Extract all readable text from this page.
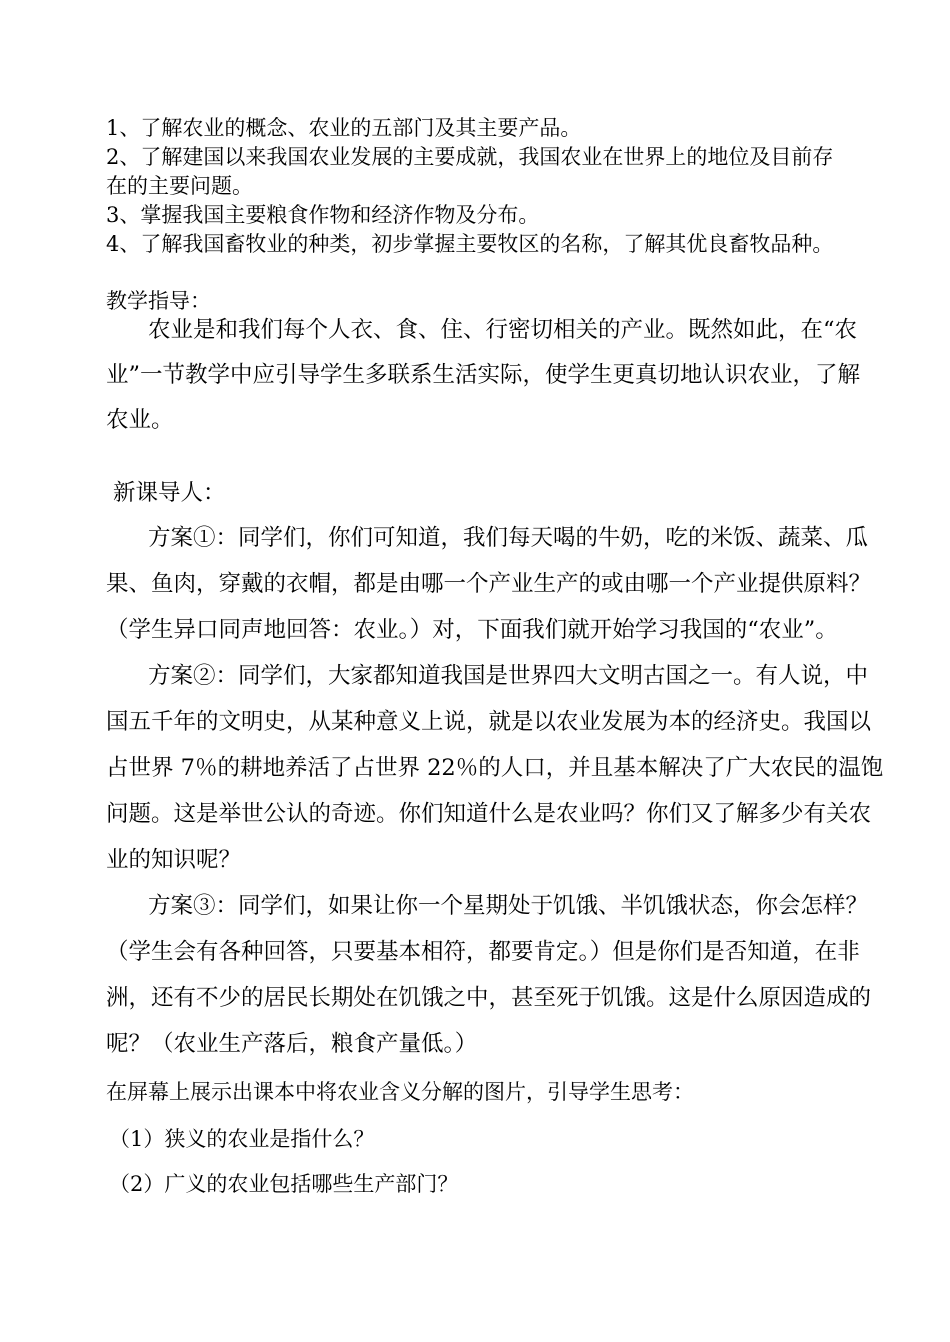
1、了解农业的概念、农业的五部门及其主要产品。
2、了解建国以来我国农业发展的主要成就，我国农业在世界上的地位及目前存
在的主要问题。
3、掌握我国主要粮食作物和经济作物及分布。
4、了解我国畜牧业的种类，初步掌握主要牧区的名称，了解其优良畜牧品种。
教学指导：
农业是和我们每个人衣、食、住、行密切相关的产业。既然如此，在“农
业”一节教学中应引导学生多联系生活实际，使学生更真切地认识农业，了解
农业。
新课导人：
方案①：同学们，你们可知道，我们每天喝的牛奶，吃的米饭、蔬菜、瓜
果、鱼肉，穿戴的衣帽，都是由哪一个产业生产的或由哪一个产业提供原料？
（学生异口同声地回答：农业。）对，下面我们就开始学习我国的“农业”。
方案②：同学们，大家都知道我国是世界四大文明古国之一。有人说，中
国五千年的文明史，从某种意义上说，就是以农业发展为本的经济史。我国以
占世界 7％的耕地养活了占世界 22％的人口，并且基本解决了广大农民的温饱
问题。这是举世公认的奇迹。你们知道什么是农业吗？你们又了解多少有关农
业的知识呢？
方案③：同学们，如果让你一个星期处于饥饿、半饥饿状态，你会怎样？
（学生会有各种回答，只要基本相符，都要肯定。）但是你们是否知道，在非
洲，还有不少的居民长期处在饥饿之中，甚至死于饥饿。这是什么原因造成的
呢？（农业生产落后，粮食产量低。）
在屏幕上展示出课本中将农业含义分解的图片，引导学生思考：
（1）狭义的农业是指什么？
（2）广义的农业包括哪些生产部门？
